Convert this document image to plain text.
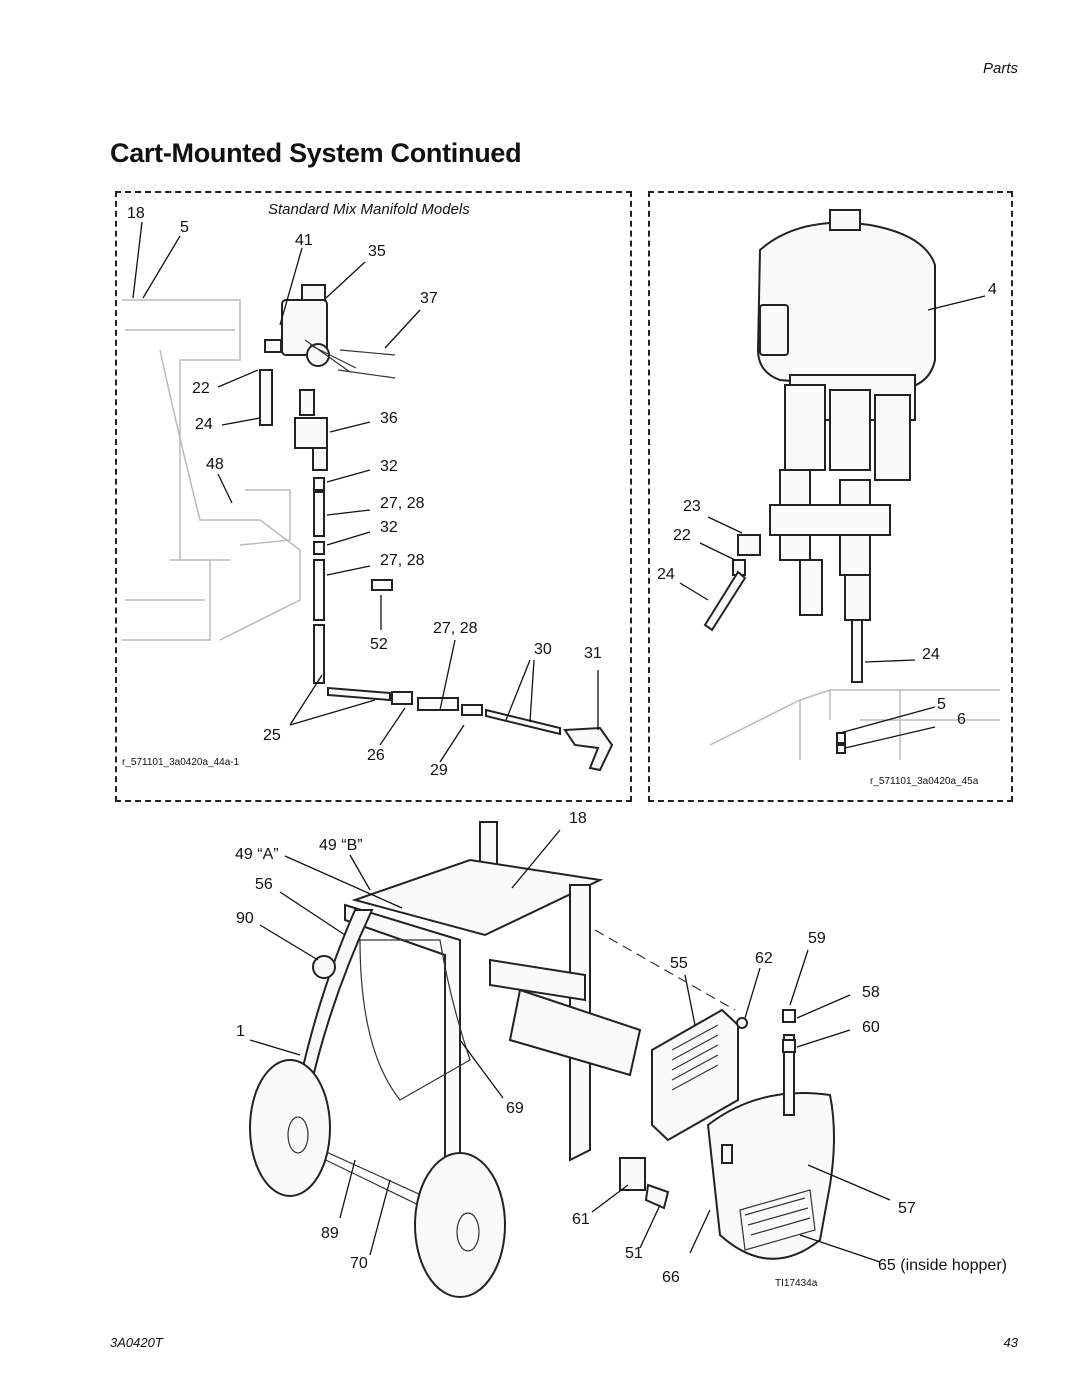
Parts
Cart-Mounted System Continued
Standard Mix Manifold Models
r_571101_3a0420a_44a-1
r_571101_3a0420a_45a
18
5
41
35
37
22
24	36
48	32
27, 28
32
27, 28
52
27, 28
30 31
25
26
29
4
23
22
24
24
5
6
18
49 “A”
49 “B”
56
90
1
59
55	62
58
60
69
57
61
89
51
70
66
65 (inside hopper)
TI17434a
3A0420T	43
